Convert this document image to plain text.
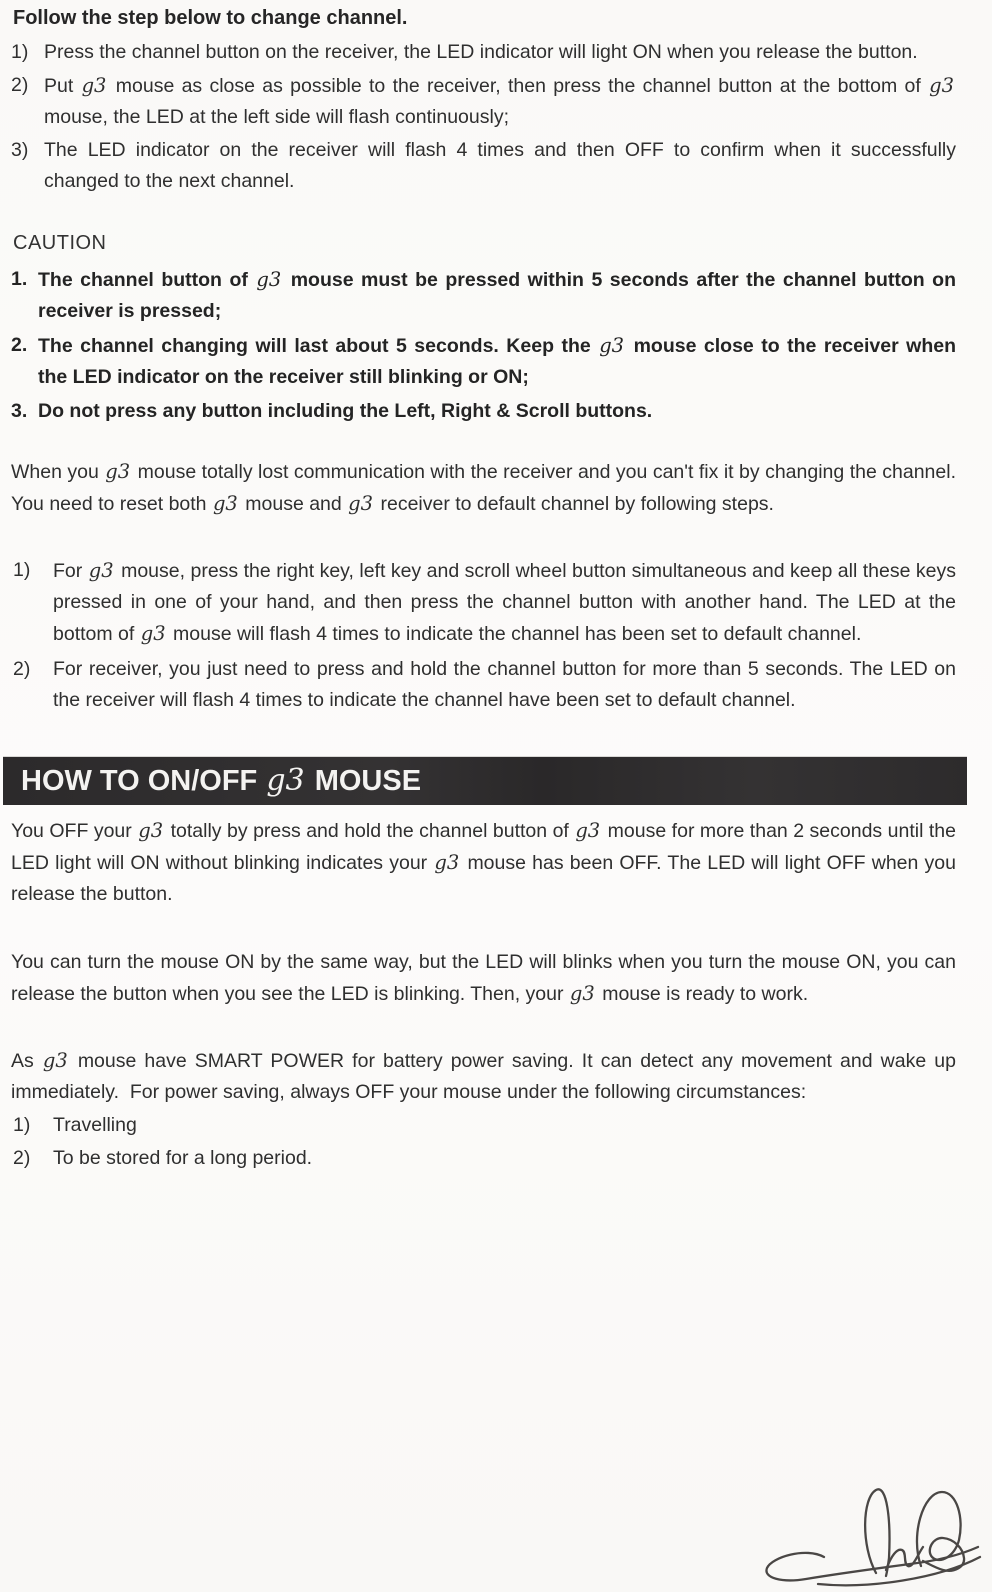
Follow the step below to change channel.
1) Press the channel button on the receiver, the LED indicator will light ON when you release the button.
2) Put g3 mouse as close as possible to the receiver, then press the channel button at the bottom of g3 mouse, the LED at the left side will flash continuously;
3) The LED indicator on the receiver will flash 4 times and then OFF to confirm when it successfully changed to the next channel.
CAUTION
1. The channel button of g3 mouse must be pressed within 5 seconds after the channel button on receiver is pressed;
2. The channel changing will last about 5 seconds. Keep the g3 mouse close to the receiver when the LED indicator on the receiver still blinking or ON;
3. Do not press any button including the Left, Right & Scroll buttons.

When you g3 mouse totally lost communication with the receiver and you can't fix it by changing the channel. You need to reset both g3 mouse and g3 receiver to default channel by following steps.

1) For g3 mouse, press the right key, left key and scroll wheel button simultaneous and keep all these keys pressed in one of your hand, and then press the channel button with another hand. The LED at the bottom of g3 mouse will flash 4 times to indicate the channel has been set to default channel.
2) For receiver, you just need to press and hold the channel button for more than 5 seconds. The LED on the receiver will flash 4 times to indicate the channel have been set to default channel.
HOW TO ON/OFF g3 MOUSE

You OFF your g3 totally by press and hold the channel button of g3 mouse for more than 2 seconds until the LED light will ON without blinking indicates your g3 mouse has been OFF. The LED will light OFF when you release the button.

You can turn the mouse ON by the same way, but the LED will blinks when you turn the mouse ON, you can release the button when you see the LED is blinking. Then, your g3 mouse is ready to work.

As g3 mouse have SMART POWER for battery power saving. It can detect any movement and wake up immediately.  For power saving, always OFF your mouse under the following circumstances:

1) Travelling
2) To be stored for a long period.
